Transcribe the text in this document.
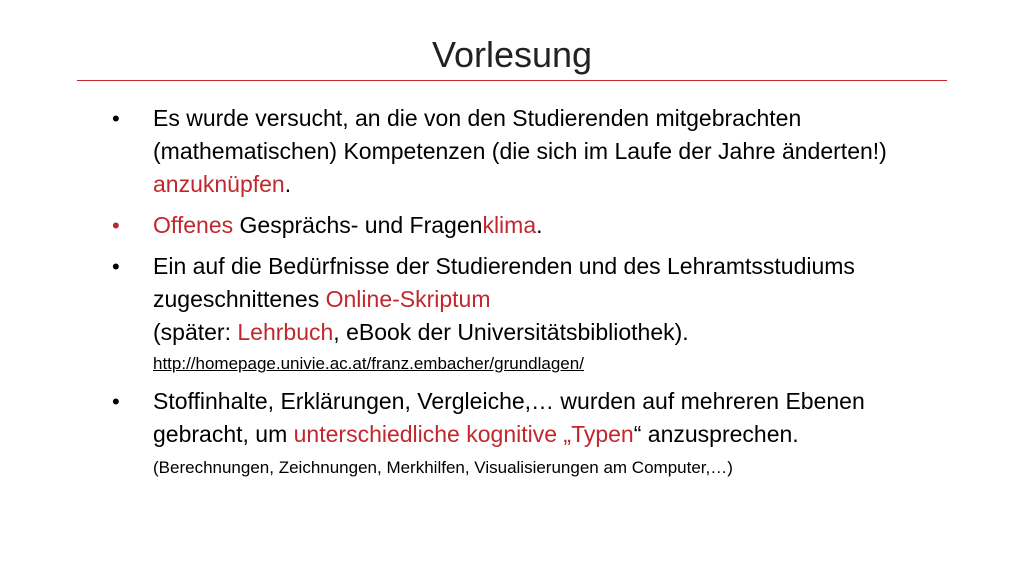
Vorlesung
•	Es wurde versucht, an die von den Studierenden mitgebrachten (mathematischen) Kompetenzen (die sich im Laufe der Jahre änderten!) anzuknüpfen.
•	Offenes Gesprächs- und Fragenklima.
•	Ein auf die Bedürfnisse der Studierenden und des Lehramtsstudiums zugeschnittenes Online-Skriptum
(später: Lehrbuch, eBook der Universitätsbibliothek).
http://homepage.univie.ac.at/franz.embacher/grundlagen/
•	Stoffinhalte, Erklärungen, Vergleiche,… wurden auf mehreren Ebenen gebracht, um unterschiedliche kognitive „Typen“ anzusprechen.
(Berechnungen, Zeichnungen, Merkhilfen, Visualisierungen am Computer,…)
